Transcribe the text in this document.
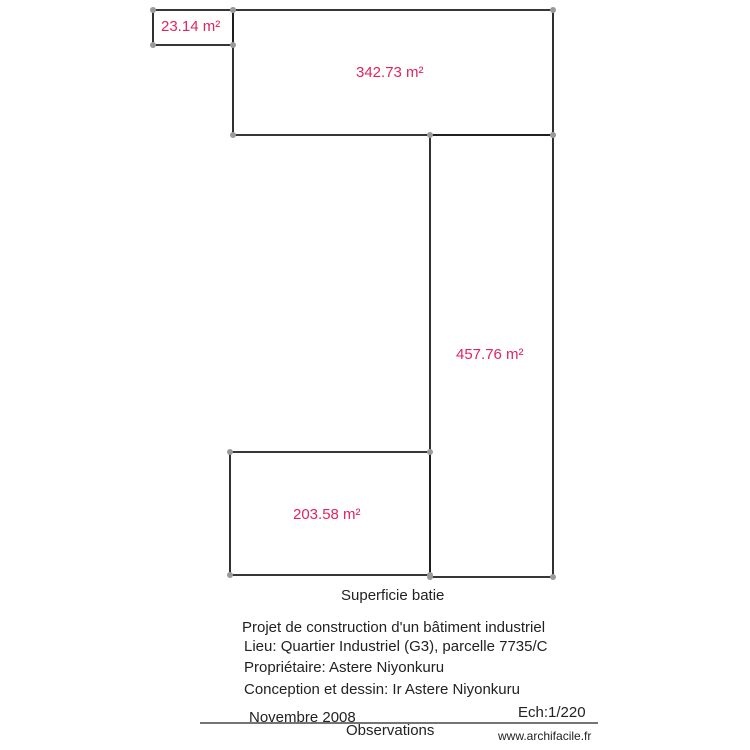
23.14 m²
342.73 m²
457.76 m²
203.58 m²
Superficie batie
Projet de construction d'un bâtiment industriel
Lieu: Quartier Industriel (G3), parcelle 7735/C
Propriétaire: Astere Niyonkuru
Conception et dessin: Ir Astere Niyonkuru
Novembre 2008	Ech:1/220
Observations	www.archifacile.fr
